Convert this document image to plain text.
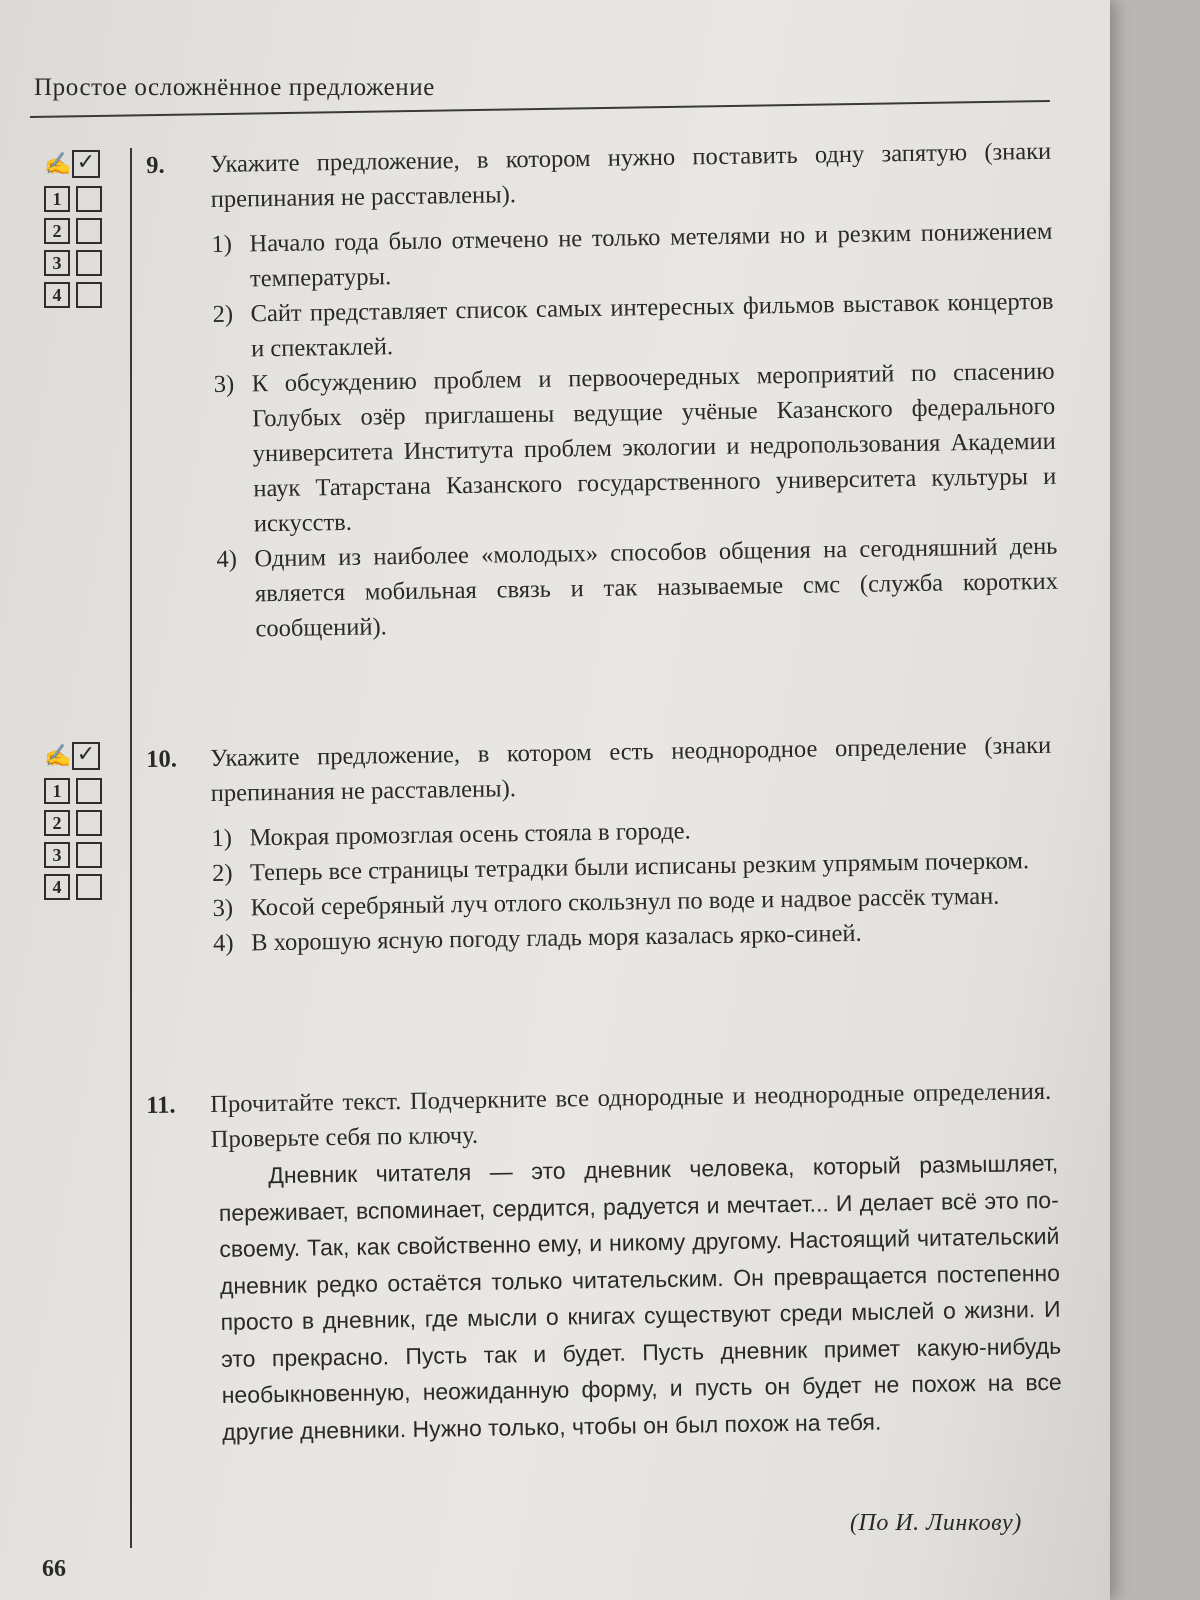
Простое осложнённое предложение
✍ ✓
1
2
3
4
9.	Укажите предложение, в котором нужно поставить одну запятую (знаки препинания не расставлены).
1) Начало года было отмечено не только метелями но и резким понижением температуры.
2) Сайт представляет список самых интересных фильмов выставок концертов и спектаклей.
3) К обсуждению проблем и первоочередных мероприятий по спасению Голубых озёр приглашены ведущие учёные Казанского федерального университета Института проблем экологии и недропользования Академии наук Татарстана Казанского государственного университета культуры и искусств.
4) Одним из наиболее «молодых» способов общения на сегодняшний день является мобильная связь и так называемые смс (служба коротких сообщений).
✍ ✓
1
2
3
4
10.	Укажите предложение, в котором есть неоднородное определение (знаки препинания не расставлены).
1) Мокрая промозглая осень стояла в городе.
2) Теперь все страницы тетрадки были исписаны резким упрямым почерком.
3) Косой серебряный луч отлого скользнул по воде и надвое рассёк туман.
4) В хорошую ясную погоду гладь моря казалась ярко-синей.
11.	Прочитайте текст. Подчеркните все однородные и неоднородные определения. Проверьте себя по ключу.
Дневник читателя — это дневник человека, который размышляет, переживает, вспоминает, сердится, радуется и мечтает... И делает всё это по-своему. Так, как свойственно ему, и никому другому. Настоящий читательский дневник редко остаётся только читательским. Он превращается постепенно просто в дневник, где мысли о книгах существуют среди мыслей о жизни. И это прекрасно. Пусть так и будет. Пусть дневник примет какую-нибудь необыкновенную, неожиданную форму, и пусть он будет не похож на все другие дневники. Нужно только, чтобы он был похож на тебя.
(По И. Линкову)
66
